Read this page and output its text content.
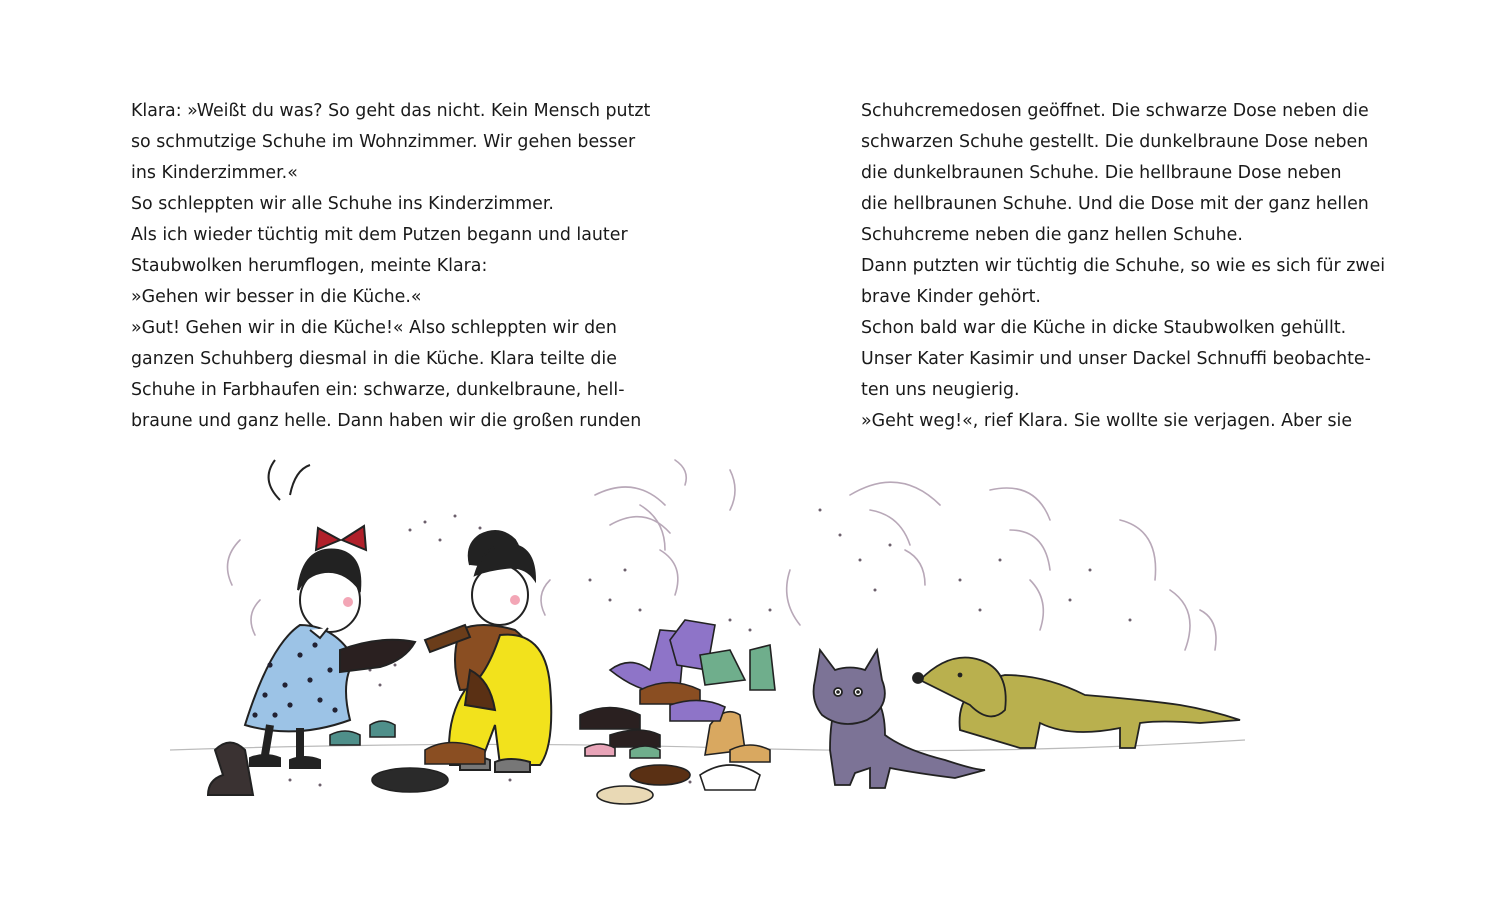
Klara: »Weißt du was? So geht das nicht. Kein Mensch putzt
so schmutzige Schuhe im Wohnzimmer. Wir gehen besser
ins Kinderzimmer.«
So schleppten wir alle Schuhe ins Kinderzimmer.
Als ich wieder tüchtig mit dem Putzen begann und lauter
Staubwolken herumflogen, meinte Klara:
»Gehen wir besser in die Küche.«
»Gut! Gehen wir in die Küche!« Also schleppten wir den
ganzen Schuhberg diesmal in die Küche. Klara teilte die
Schuhe in Farbhaufen ein: schwarze, dunkelbraune, hell-
braune und ganz helle. Dann haben wir die großen runden
Schuhcremedosen geöffnet. Die schwarze Dose neben die
schwarzen Schuhe gestellt. Die dunkelbraune Dose neben
die dunkelbraunen Schuhe. Die hellbraune Dose neben
die hellbraunen Schuhe. Und die Dose mit der ganz hellen
Schuhcreme neben die ganz hellen Schuhe.
Dann putzten wir tüchtig die Schuhe, so wie es sich für zwei
brave Kinder gehört.
Schon bald war die Küche in dicke Staubwolken gehüllt.
Unser Kater Kasimir und unser Dackel Schnuffi beobachte-
ten uns neugierig.
»Geht weg!«, rief Klara. Sie wollte sie verjagen. Aber sie
